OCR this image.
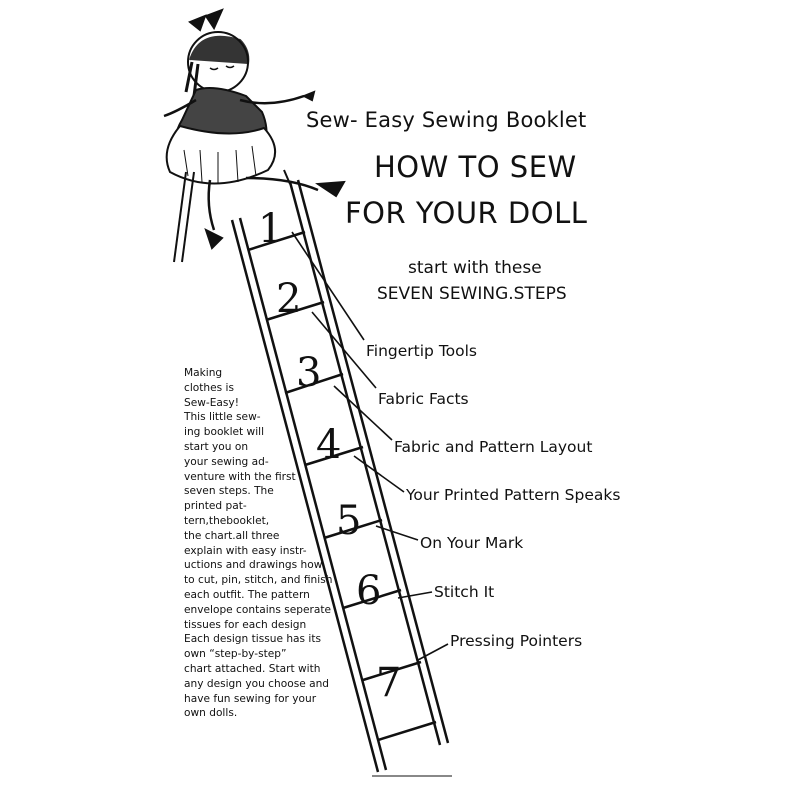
1
2
3
4
5
6
7
Sew- Easy Sewing Booklet
HOW TO SEW
FOR YOUR DOLL
start with these
SEVEN SEWING.STEPS
Fingertip Tools
Fabric Facts
Fabric and Pattern Layout
Your Printed Pattern Speaks
On Your Mark
Stitch It
Pressing Pointers
Making
clothes is
Sew-Easy!
This little sew-
ing booklet will
start you on
your sewing ad-
venture with the first
seven steps. The
printed pat-
tern,thebooklet,
the chart.all three
explain with easy instr-
uctions and drawings how
to cut, pin, stitch, and finish
each outfit. The pattern
envelope contains seperate
tissues for each design
Each design tissue has its
own “step-by-step”
chart attached. Start with
any design you choose and
have fun sewing for your
own dolls.
